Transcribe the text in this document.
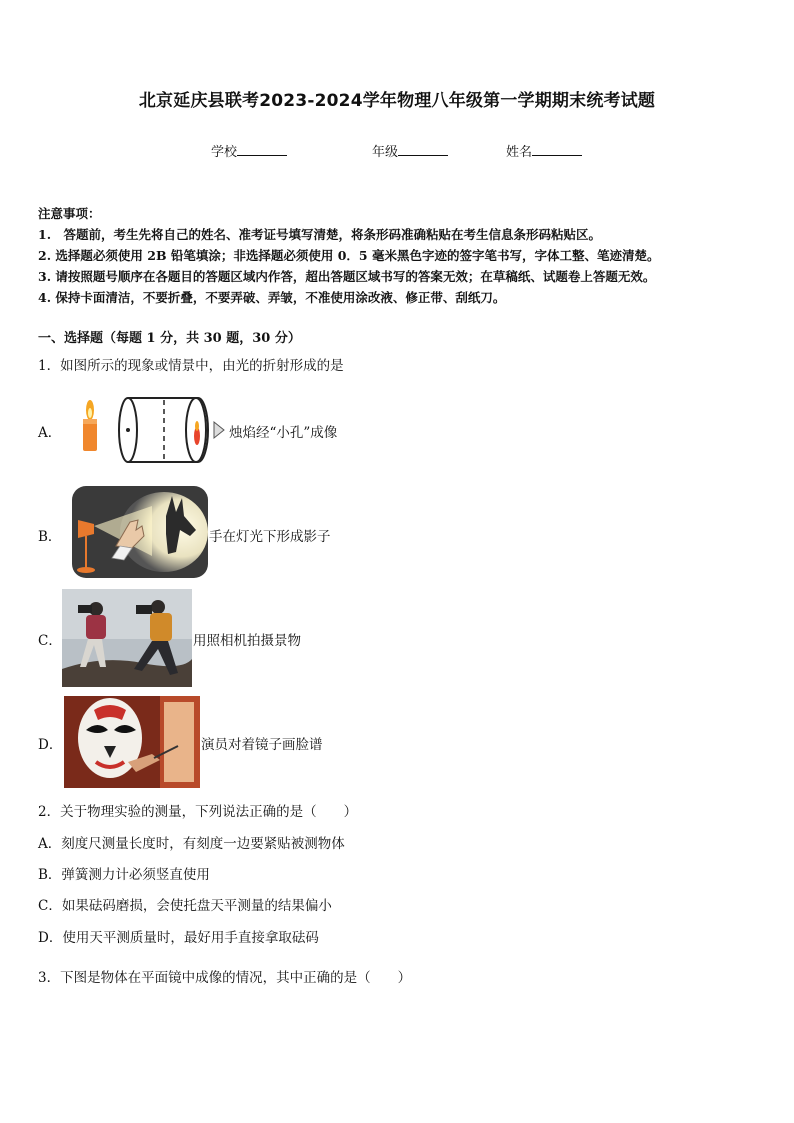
北京延庆县联考2023-2024学年物理八年级第一学期期末统考试题
学校	年级	姓名
注意事项：
1.　答题前，考生先将自己的姓名、准考证号填写清楚，将条形码准确粘贴在考生信息条形码粘贴区。
2. 选择题必须使用 2B 铅笔填涂；非选择题必须使用 0．5 毫米黑色字迹的签字笔书写，字体工整、笔迹清楚。
3. 请按照题号顺序在各题目的答题区域内作答，超出答题区域书写的答案无效；在草稿纸、试题卷上答题无效。
4. 保持卡面清洁，不要折叠，不要弄破、弄皱，不准使用涂改液、修正带、刮纸刀。
一、选择题（每题 1 分，共 30 题，30 分）
1．如图所示的现象或情景中，由光的折射形成的是
A．	烛焰经“小孔”成像
B．	手在灯光下形成影子
C．	用照相机拍摄景物
D．	演员对着镜子画脸谱
2．关于物理实验的测量，下列说法正确的是（　　）
A．刻度尺测量长度时，有刻度一边要紧贴被测物体
B．弹簧测力计必须竖直使用
C．如果砝码磨损，会使托盘天平测量的结果偏小
D．使用天平测质量时，最好用手直接拿取砝码
3．下图是物体在平面镜中成像的情况，其中正确的是（　　）
